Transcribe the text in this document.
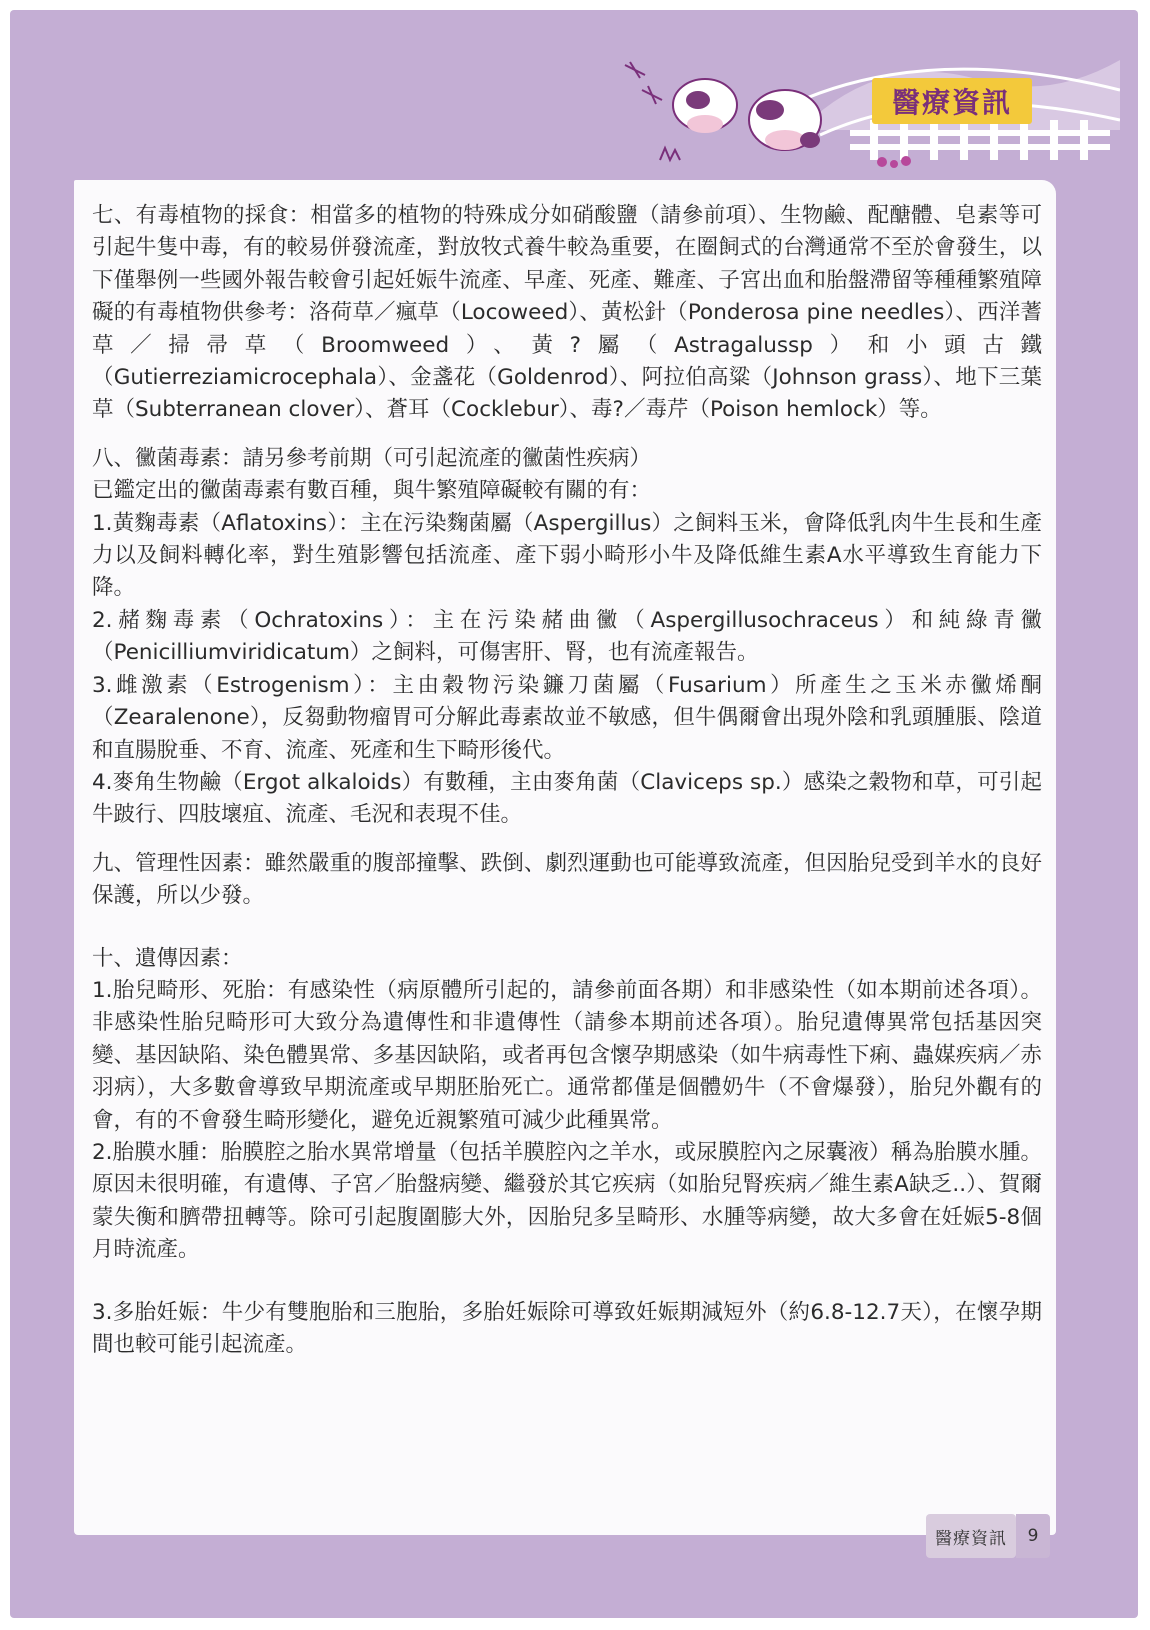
醫療資訊

七、有毒植物的採食：相當多的植物的特殊成分如硝酸鹽（請參前項）、生物鹼、配醣體、皂素等可引起牛隻中毒，有的較易併發流產，對放牧式養牛較為重要，在圈飼式的台灣通常不至於會發生，以下僅舉例一些國外報告較會引起妊娠牛流產、早產、死產、難產、子宮出血和胎盤滯留等種種繁殖障礙的有毒植物供參考：洛荷草／瘋草（Locoweed）、黃松針（Ponderosa pine needles）、西洋蓍草／掃帚草（Broomweed）、黃?屬（Astragalussp）和小頭古鐵（Gutierreziamicrocephala）、金盞花（Goldenrod）、阿拉伯高粱（Johnson grass）、地下三葉草（Subterranean clover）、蒼耳（Cocklebur）、毒?／毒芹（Poison hemlock）等。

八、黴菌毒素：請另參考前期（可引起流產的黴菌性疾病）

已鑑定出的黴菌毒素有數百種，與牛繁殖障礙較有關的有：

1.黃麴毒素（Aflatoxins）：主在污染麴菌屬（Aspergillus）之飼料玉米，會降低乳肉牛生長和生產力以及飼料轉化率，對生殖影響包括流產、產下弱小畸形小牛及降低維生素A水平導致生育能力下降。

2.赭麴毒素（Ochratoxins）：主在污染赭曲黴（Aspergillusochraceus）和純綠青黴（Penicilliumviridicatum）之飼料，可傷害肝、腎，也有流產報告。

3.雌激素（Estrogenism）：主由穀物污染鐮刀菌屬（Fusarium）所產生之玉米赤黴烯酮（Zearalenone），反芻動物瘤胃可分解此毒素故並不敏感，但牛偶爾會出現外陰和乳頭腫脹、陰道和直腸脫垂、不育、流產、死產和生下畸形後代。

4.麥角生物鹼（Ergot alkaloids）有數種，主由麥角菌（Claviceps sp.）感染之穀物和草，可引起牛跛行、四肢壞疽、流產、毛況和表現不佳。

九、管理性因素：雖然嚴重的腹部撞擊、跌倒、劇烈運動也可能導致流產，但因胎兒受到羊水的良好保護，所以少發。

十、遺傳因素：

1.胎兒畸形、死胎：有感染性（病原體所引起的，請參前面各期）和非感染性（如本期前述各項）。非感染性胎兒畸形可大致分為遺傳性和非遺傳性（請參本期前述各項）。胎兒遺傳異常包括基因突變、基因缺陷、染色體異常、多基因缺陷，或者再包含懷孕期感染（如牛病毒性下痢、蟲媒疾病／赤羽病），大多數會導致早期流產或早期胚胎死亡。通常都僅是個體奶牛（不會爆發），胎兒外觀有的會，有的不會發生畸形變化，避免近親繁殖可減少此種異常。

2.胎膜水腫：胎膜腔之胎水異常增量（包括羊膜腔內之羊水，或尿膜腔內之尿囊液）稱為胎膜水腫。原因未很明確，有遺傳、子宮／胎盤病變、繼發於其它疾病（如胎兒腎疾病／維生素A缺乏..）、賀爾蒙失衡和臍帶扭轉等。除可引起腹圍膨大外，因胎兒多呈畸形、水腫等病變，故大多會在妊娠5-8個月時流產。

3.多胎妊娠：牛少有雙胞胎和三胞胎，多胎妊娠除可導致妊娠期減短外（約6.8-12.7天），在懷孕期間也較可能引起流產。

醫療資訊	9
